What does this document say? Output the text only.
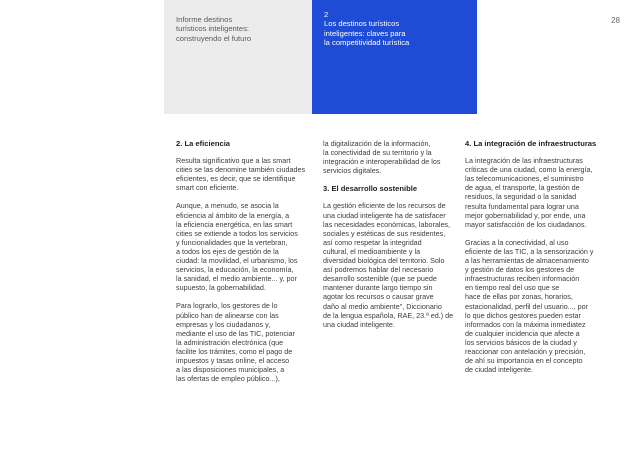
Informe destinos
turísticos inteligentes:
construyendo el futuro
2
Los destinos turísticos
inteligentes: claves para
la competitividad turística
28
2. La eficiencia
Resulta significativo que a las smart
cities se las denomine también ciudades
eficientes, es decir, que se identifique
smart con eficiente.
Aunque, a menudo, se asocia la
eficiencia al ámbito de la energía, a
la eficiencia energética, en las smart
cities se extiende a todos los servicios
y funcionalidades que la vertebran,
a todos los ejes de gestión de la
ciudad: la movilidad, el urbanismo, los
servicios, la educación, la economía,
la sanidad, el medio ambiente... y, por
supuesto, la gobernabilidad.
Para lograrlo, los gestores de lo
público han de alinearse con las
empresas y los ciudadanos y,
mediante el uso de las TIC, potenciar
la administración electrónica (que
facilite los trámites, como el pago de
impuestos y tasas online, el acceso
a las disposiciones municipales, a
las ofertas de empleo público...),
la digitalización de la información,
la conectividad de su territorio y la
integración e interoperabilidad de los
servicios digitales.
3. El desarrollo sostenible
La gestión eficiente de los recursos de
una ciudad inteligente ha de satisfacer
las necesidades económicas, laborales,
sociales y estéticas de sus residentes,
así como respetar la integridad
cultural, el medioambiente y la
diversidad biológica del territorio. Solo
así podremos hablar del necesario
desarrollo sostenible (que se puede
mantener durante largo tiempo sin
agotar los recursos o causar grave
daño al medio ambiente", Diccionario
de la lengua española, RAE, 23.ª ed.) de
una ciudad inteligente.
4. La integración de infraestructuras
La integración de las infraestructuras
críticas de una ciudad, como la energía,
las telecomunicaciones, el suministro
de agua, el transporte, la gestión de
residuos, la seguridad o la sanidad
resulta fundamental para lograr una
mejor gobernabilidad y, por ende, una
mayor satisfacción de los ciudadanos.
Gracias a la conectividad, al uso
eficiente de las TIC, a la sensorización y
a las herramientas de almacenamiento
y gestión de datos los gestores de
infraestructuras reciben información
en tiempo real del uso que se
hace de ellas por zonas, horarios,
estacionalidad, perfil del usuario..., por
lo que dichos gestores pueden estar
informados con la máxima inmediatez
de cualquier incidencia que afecte a
los servicios básicos de la ciudad y
reaccionar con antelación y precisión,
de ahí su importancia en el concepto
de ciudad inteligente.
